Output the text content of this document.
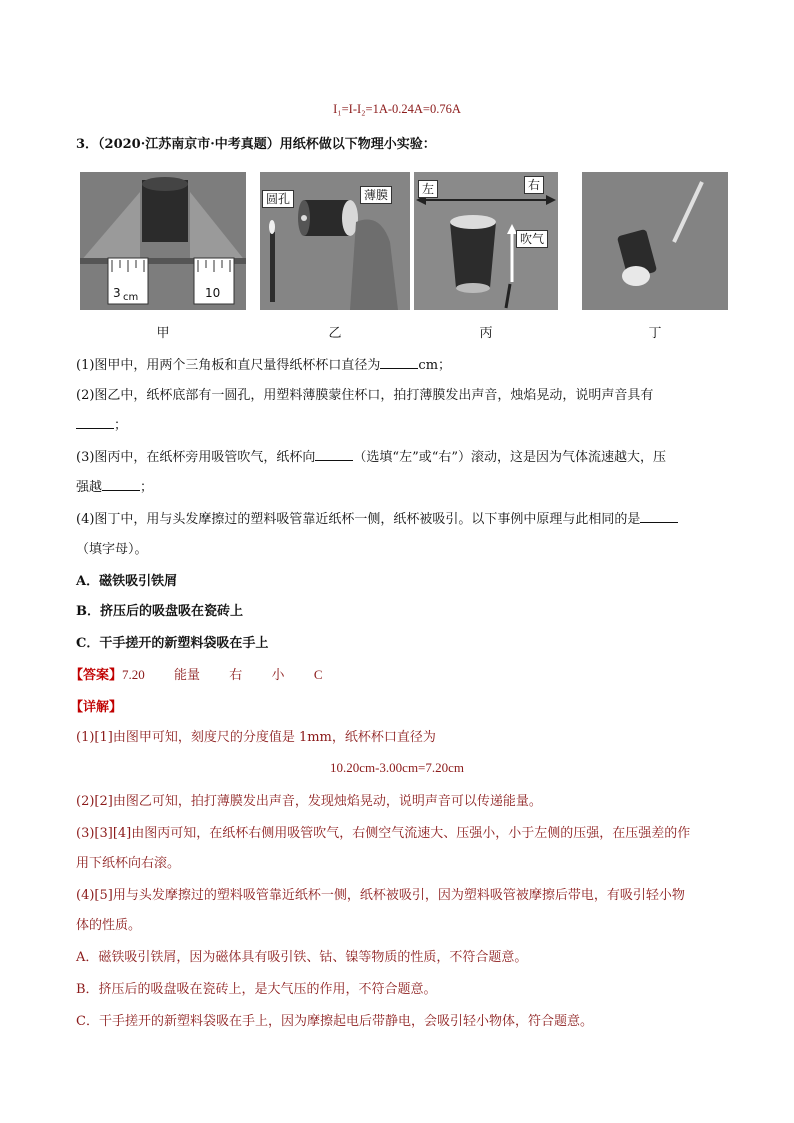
I₁=I-I₂=1A-0.24A=0.76A
3．（2020·江苏南京市·中考真题）用纸杯做以下物理小实验：
3 cm	10
甲
圆孔	薄膜
乙
左	右
吹气
丙	丁
(1)图甲中，用两个三角板和直尺量得纸杯杯口直径为	cm；
(2)图乙中，纸杯底部有一圆孔，用塑料薄膜蒙住杯口，拍打薄膜发出声音，烛焰晃动，说明声音具有
；
(3)图丙中，在纸杯旁用吸管吹气，纸杯向	（选填“左”或“右”）滚动，这是因为气体流速越大，压
强越	；
(4)图丁中，用与头发摩擦过的塑料吸管靠近纸杯一侧，纸杯被吸引。以下事例中原理与此相同的是
（填字母）。
A．磁铁吸引铁屑
B．挤压后的吸盘吸在瓷砖上
C．干手搓开的新塑料袋吸在手上
【答案】7.20 能量 右 小 C
【详解】
(1)[1]由图甲可知，刻度尺的分度值是 1mm，纸杯杯口直径为
10.20cm-3.00cm=7.20cm
(2)[2]由图乙可知，拍打薄膜发出声音，发现烛焰晃动，说明声音可以传递能量。
(3)[3][4]由图丙可知，在纸杯右侧用吸管吹气，右侧空气流速大、压强小，小于左侧的压强，在压强差的作
用下纸杯向右滚。
(4)[5]用与头发摩擦过的塑料吸管靠近纸杯一侧，纸杯被吸引，因为塑料吸管被摩擦后带电，有吸引轻小物
体的性质。
A．磁铁吸引铁屑，因为磁体具有吸引铁、钴、镍等物质的性质，不符合题意。
B．挤压后的吸盘吸在瓷砖上，是大气压的作用，不符合题意。
C．干手搓开的新塑料袋吸在手上，因为摩擦起电后带静电，会吸引轻小物体，符合题意。
